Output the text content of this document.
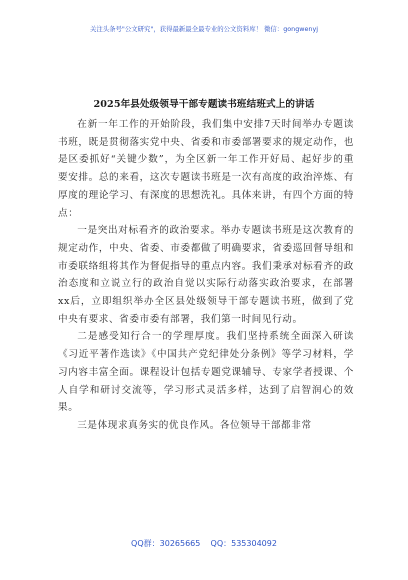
关注头条号"公文研究"，获得最新最全最专业的公文资料库！ 微信：gongwenyj
2025年县处级领导干部专题读书班结班式上的讲话

在新一年工作的开始阶段，我们集中安排7天时间举办专题读书班，既是贯彻落实党中央、省委和市委部署要求的规定动作，也是区委抓好“关键少数”，为全区新一年工作开好局、起好步的重要安排。总的来看，这次专题读书班是一次有高度的政治淬炼、有厚度的理论学习、有深度的思想洗礼。具体来讲，有四个方面的特点：

一是突出对标看齐的政治要求。举办专题读书班是这次教育的规定动作，中央、省委、市委都做了明确要求，省委巡回督导组和市委联络组将其作为督促指导的重点内容。我们秉承对标看齐的政治态度和立说立行的政治自觉以实际行动落实政治要求，在部署xx后，立即组织举办全区县处级领导干部专题读书班，做到了党中央有要求、省委市委有部署，我们第一时间见行动。

二是感受知行合一的学理厚度。我们坚持系统全面深入研读《习近平著作选读》《中国共产党纪律处分条例》等学习材料，学习内容丰富全面。课程设计包括专题党课辅导、专家学者授课、个人自学和研讨交流等，学习形式灵活多样，达到了启智润心的效果。

三是体现求真务实的优良作风。各位领导干部都非常

QQ群：30265665    QQ：535304092
